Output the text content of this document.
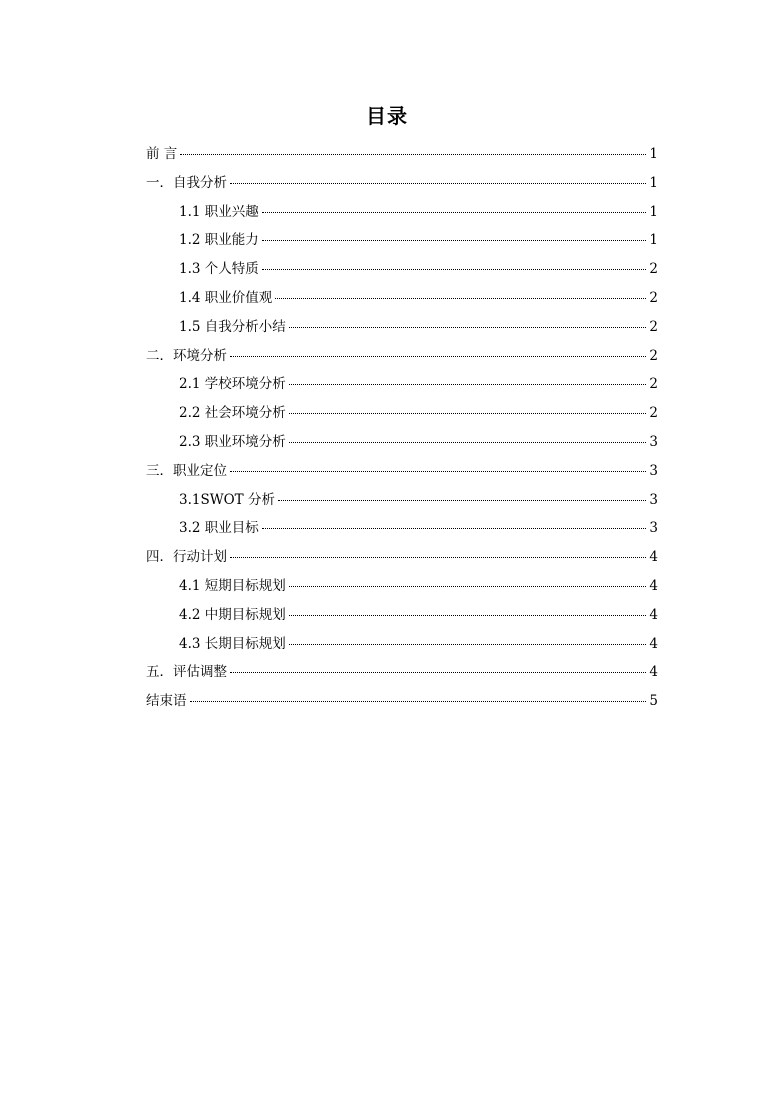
目录
前 言	1
一．自我分析	1
1.1 职业兴趣	1
1.2 职业能力	1
1.3 个人特质	2
1.4 职业价值观	2
1.5 自我分析小结	2
二．环境分析	2
2.1 学校环境分析	2
2.2 社会环境分析	2
2.3 职业环境分析	3
三．职业定位	3
3.1SWOT 分析	3
3.2 职业目标	3
四．行动计划	4
4.1 短期目标规划	4
4.2 中期目标规划	4
4.3 长期目标规划	4
五．评估调整	4
结束语	5
